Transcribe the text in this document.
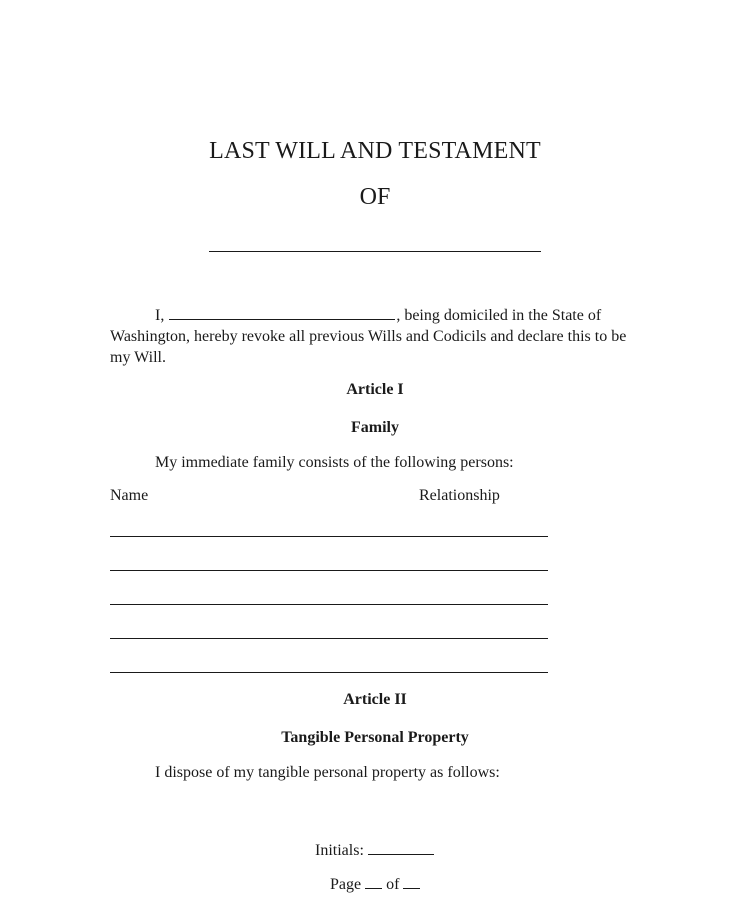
LAST WILL AND TESTAMENT
OF
I,	, being domiciled in the State of Washington, hereby revoke all previous Wills and Codicils and declare this to be my Will.
Article I
Family
My immediate family consists of the following persons:
Name	Relationship
Article II
Tangible Personal Property
I dispose of my tangible personal property as follows:
Initials:
Page of
